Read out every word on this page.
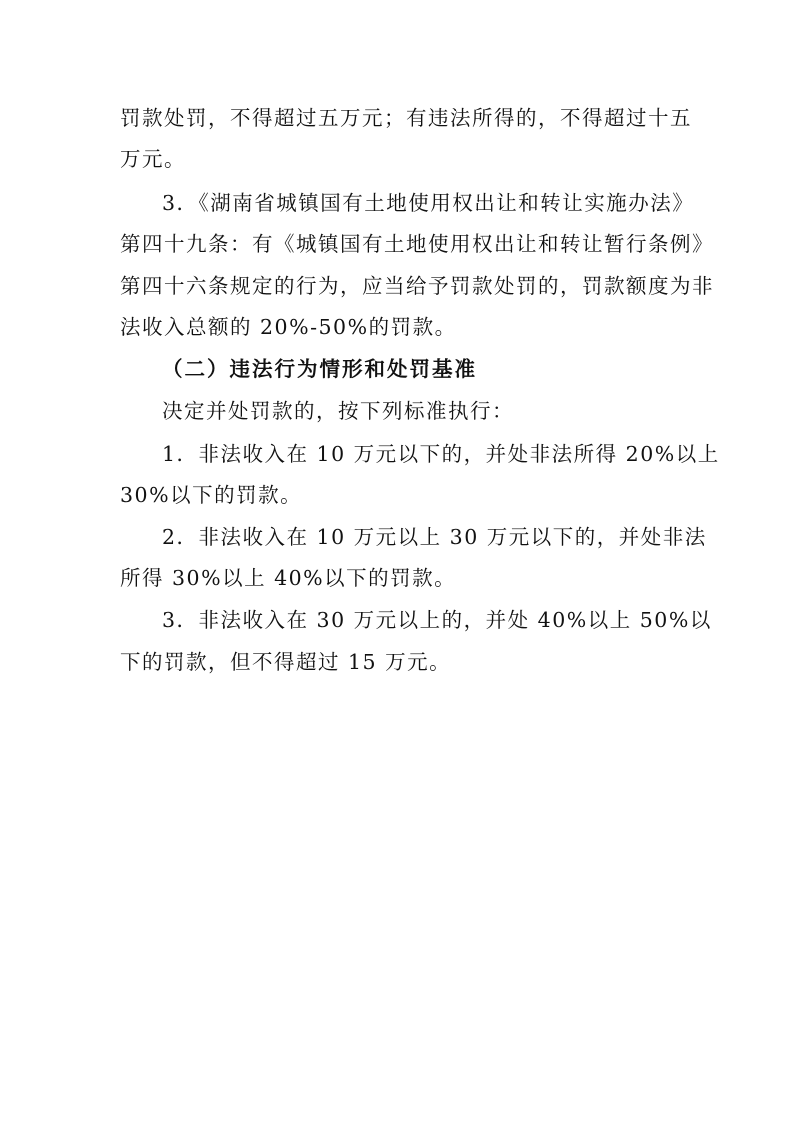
罚款处罚，不得超过五万元；有违法所得的，不得超过十五
万元。
3．《湖南省城镇国有土地使用权出让和转让实施办法》
第四十九条：有《城镇国有土地使用权出让和转让暂行条例》
第四十六条规定的行为，应当给予罚款处罚的，罚款额度为非
法收入总额的 20%-50%的罚款。
（二）违法行为情形和处罚基准
决定并处罚款的，按下列标准执行：
1．非法收入在 10 万元以下的，并处非法所得 20%以上
30%以下的罚款。
2．非法收入在 10 万元以上 30 万元以下的，并处非法
所得 30%以上 40%以下的罚款。
3．非法收入在 30 万元以上的，并处 40%以上 50%以
下的罚款，但不得超过 15 万元。
